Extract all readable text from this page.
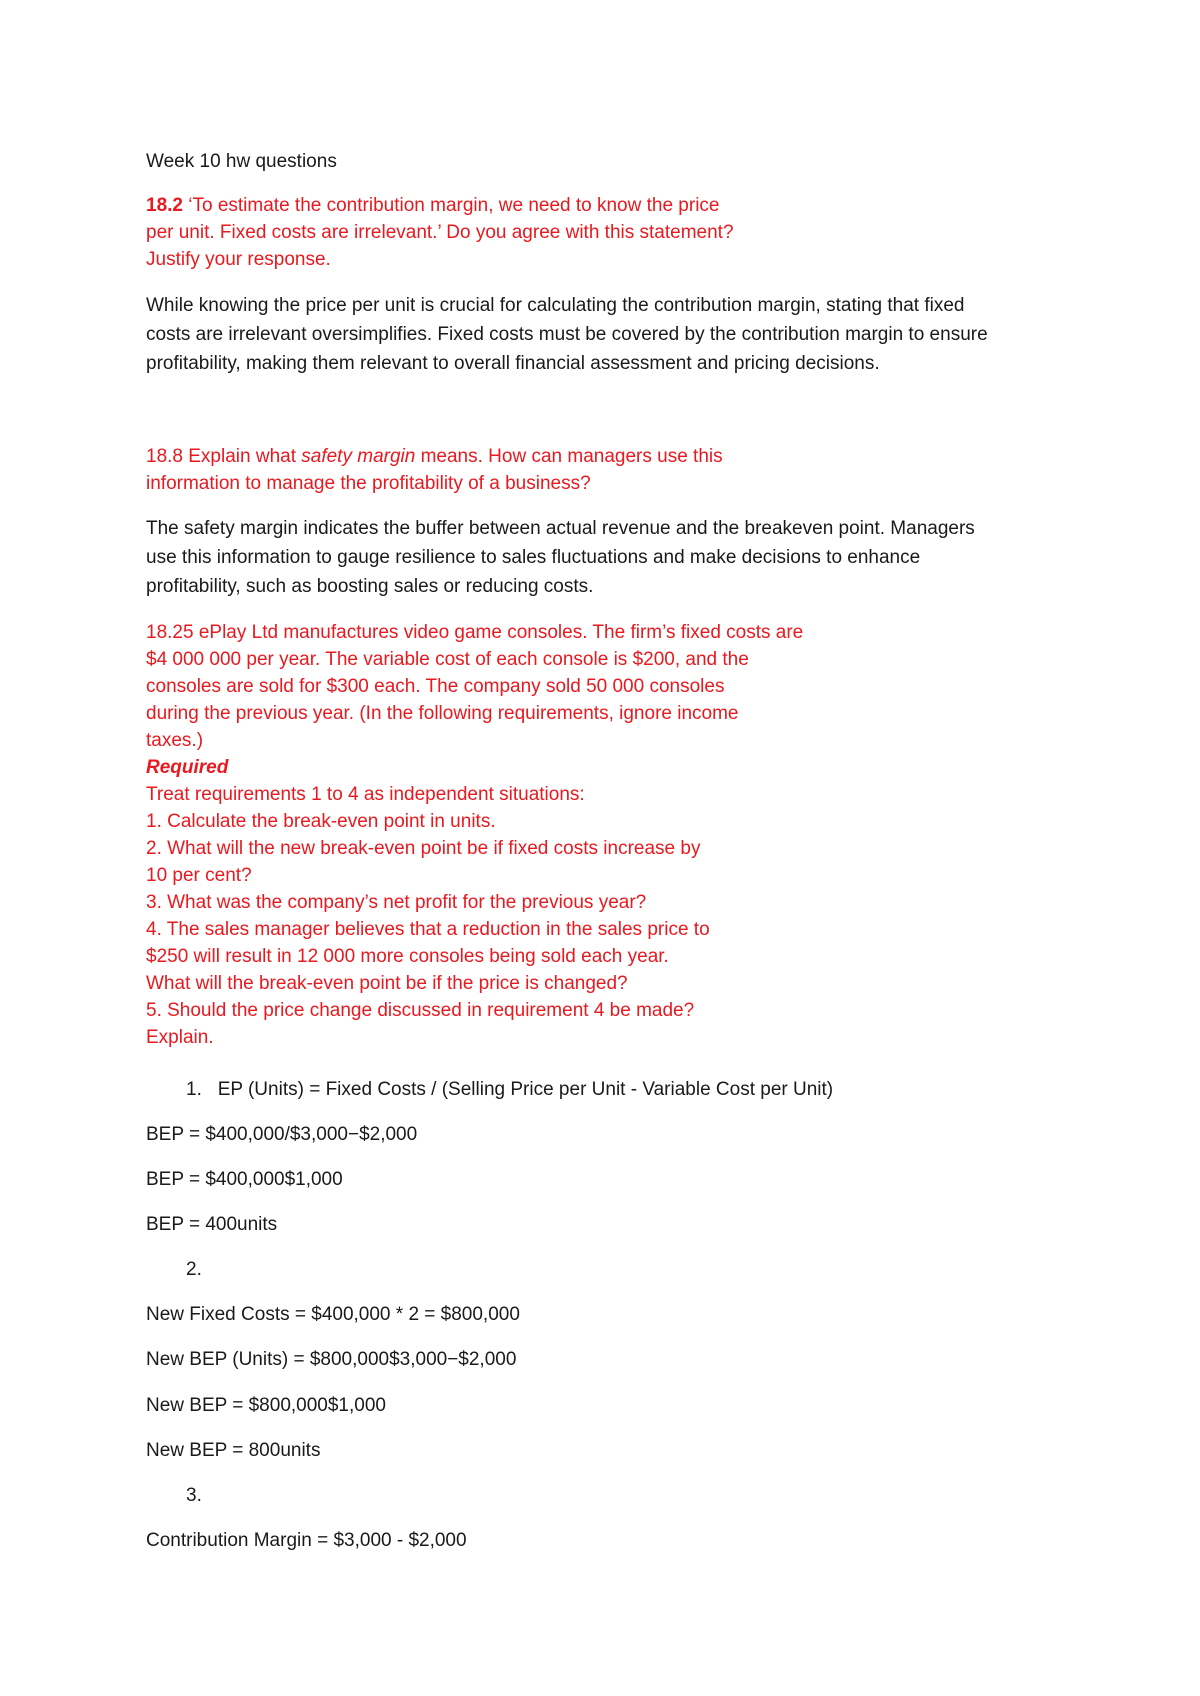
Week 10 hw questions
18.2 ‘To estimate the contribution margin, we need to know the price
per unit. Fixed costs are irrelevant.’ Do you agree with this statement?
Justify your response.
While knowing the price per unit is crucial for calculating the contribution margin, stating that fixed
costs are irrelevant oversimplifies. Fixed costs must be covered by the contribution margin to ensure
profitability, making them relevant to overall financial assessment and pricing decisions.
18.8 Explain what safety margin means. How can managers use this
information to manage the profitability of a business?
The safety margin indicates the buffer between actual revenue and the breakeven point. Managers
use this information to gauge resilience to sales fluctuations and make decisions to enhance
profitability, such as boosting sales or reducing costs.
18.25 ePlay Ltd manufactures video game consoles. The firm’s fixed costs are
$4 000 000 per year. The variable cost of each console is $200, and the
consoles are sold for $300 each. The company sold 50 000 consoles
during the previous year. (In the following requirements, ignore income
taxes.)
Required
Treat requirements 1 to 4 as independent situations:
1. Calculate the break-even point in units.
2. What will the new break-even point be if fixed costs increase by
10 per cent?
3. What was the company’s net profit for the previous year?
4. The sales manager believes that a reduction in the sales price to
$250 will result in 12 000 more consoles being sold each year.
What will the break-even point be if the price is changed?
5. Should the price change discussed in requirement 4 be made?
Explain.
1. EP (Units) = Fixed Costs / (Selling Price per Unit - Variable Cost per Unit)
BEP = $400,000/$3,000−$2,000
BEP = $400,000$1,000
BEP = 400units
2.
New Fixed Costs = $400,000 * 2 = $800,000
New BEP (Units) = $800,000$3,000−$2,000
New BEP = $800,000$1,000
New BEP = 800units
3.
Contribution Margin = $3,000 - $2,000
